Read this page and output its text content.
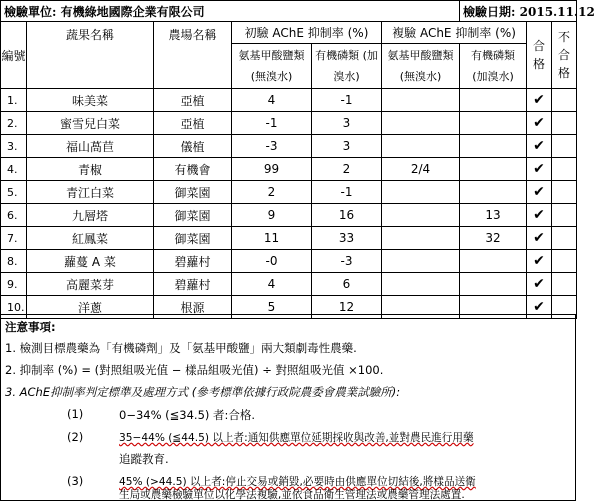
檢驗單位: 有機綠地國際企業有限公司						檢驗日期: 2015.11.12		
編號	蔬果名稱	農場名稱	初驗 AChE 抑制率 (%)		複驗 AChE 抑制率 (%)		合格	不合格
			氨基甲酸鹽類 (無溴水)	有機磷類 (加溴水)	氨基甲酸鹽類 (無溴水)	有機磷類 (加溴水)		
1.	味美菜	亞植	4	-1			✔	
2.	蜜雪兒白菜	亞植	-1	3			✔	
3.	福山萵苣	儀植	-3	3			✔	
4.	青椒	有機會	99	2	2/4		✔	
5.	青江白菜	御菜園	2	-1			✔	
6.	九層塔	御菜園	9	16		13	✔	
7.	紅鳳菜	御菜園	11	33		32	✔	
8.	蘿蔓 A 菜	碧蘿村	-0	-3			✔	
9.	高麗菜芽	碧蘿村	4	6			✔	
10.	洋蔥	根源	5	12			✔	
注意事項:
1. 檢測目標農藥為「有機磷劑」及「氨基甲酸鹽」兩大類劇毒性農藥.
2. 抑制率 (%) = (對照組吸光值 − 樣品組吸光值) ÷ 對照組吸光值 ×100.
3. AChE抑制率判定標準及處理方式 (參考標準依據行政院農委會農業試驗所):
(1)	0−34% (≦34.5) 者:合格.
(2)	35−44% (≦44.5) 以上者:通知供應單位延期採收與改善,並對農民進行用藥
追蹤教育.
(3)	45% (>44.5) 以上者:停止交易或銷毀,必要時由供應單位切結後,將樣品送衛
生局或農藥檢驗單位以化學法複驗,並依食品衛生管理法或農藥管理法處置.
